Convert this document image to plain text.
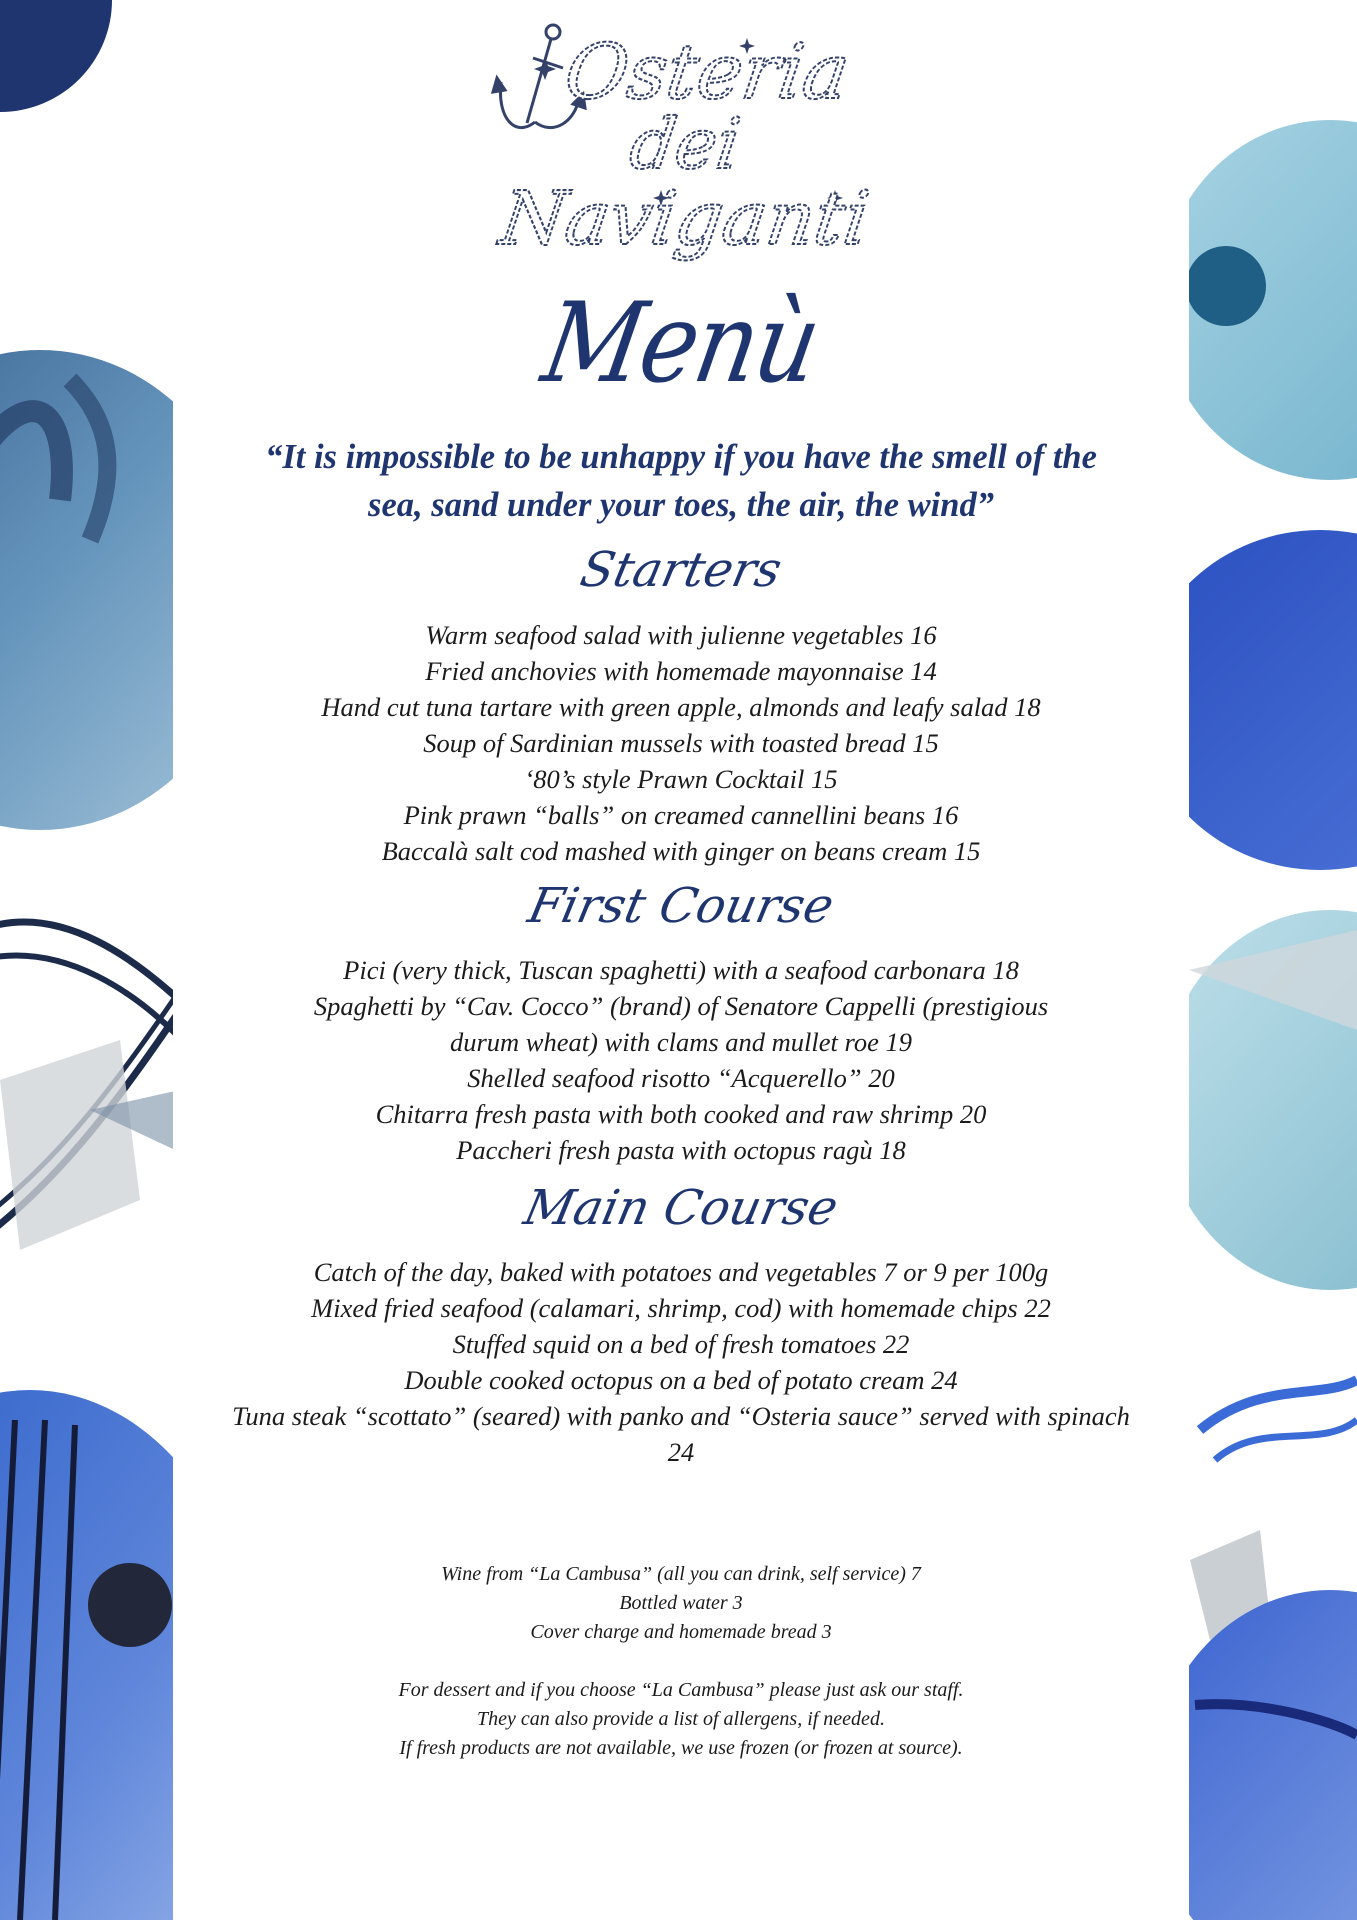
Osteria
dei
Naviganti
Menù
“It is impossible to be unhappy if you have the smell of the sea, sand under your toes, the air, the wind”
Starters
Warm seafood salad with julienne vegetables 16
Fried anchovies with homemade mayonnaise 14
Hand cut tuna tartare with green apple, almonds and leafy salad 18
Soup of Sardinian mussels with toasted bread 15
‘80’s style Prawn Cocktail 15
Pink prawn “balls” on creamed cannellini beans 16
Baccalà salt cod mashed with ginger on beans cream 15
First Course
Pici (very thick, Tuscan spaghetti) with a seafood carbonara 18
Spaghetti by “Cav. Cocco” (brand) of Senatore Cappelli (prestigious durum wheat) with clams and mullet roe 19
Shelled seafood risotto “Acquerello” 20
Chitarra fresh pasta with both cooked and raw shrimp 20
Paccheri fresh pasta with octopus ragù 18
Main Course
Catch of the day, baked with potatoes and vegetables 7 or 9 per 100g
Mixed fried seafood (calamari, shrimp, cod) with homemade chips 22
Stuffed squid on a bed of fresh tomatoes 22
Double cooked octopus on a bed of potato cream 24
Tuna steak “scottato” (seared) with panko and “Osteria sauce” served with spinach 24
Wine from “La Cambusa” (all you can drink, self service) 7
Bottled water 3
Cover charge and homemade bread 3
For dessert and if you choose “La Cambusa” please just ask our staff.
They can also provide a list of allergens, if needed.
If fresh products are not available, we use frozen (or frozen at source).
